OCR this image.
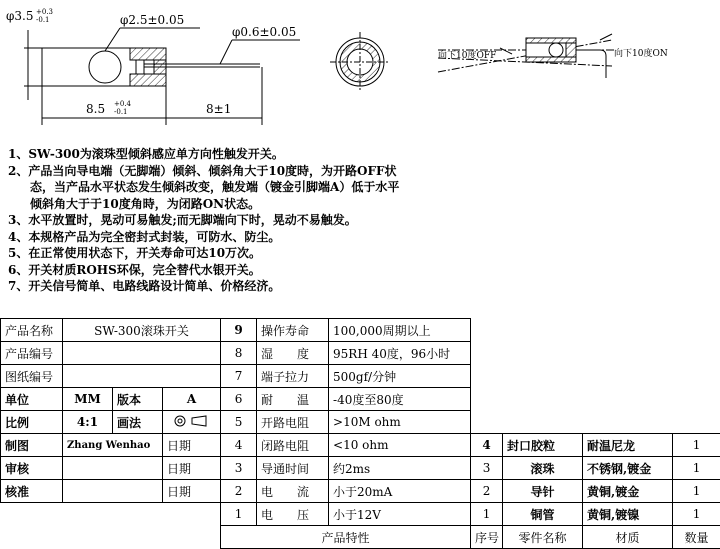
φ3.5 +0.3
-0.1	φ2.5±0.05
φ0.6±0.05
8.5 +0.4
-0.1	8±1
向下10度OFF	向下10度ON
1、SW-300为滚珠型倾斜感应单方向性触发开关。
2、产品当向导电端（无脚端）倾斜、倾斜角大于10度時，为开路OFF状态，当产品水平状态发生倾斜改变，触发端（镀金引脚端A）低于水平倾斜角大于于10度角時，为闭路ON状态。
3、水平放置时，晃动可易触发;而无脚端向下时，晃动不易触发。
4、本规格产品为完全密封式封装，可防水、防尘。
5、在正常使用状态下，开关寿命可达10万次。
6、开关材质ROHS环保，完全替代水银开关。
7、开关信号简单、电路线路设计简单、价格经济。
产品名称	SW-300滚珠开关			9	操作寿命	100,000周期以上				
产品编号				8	湿　　度	95RH 40度，96小时				
图纸编号				7	端子拉力	500gf/分钟				
单位	MM	版本	A	6	耐　　温	-40度至80度				
比例	4:1	画法		5	开路电阻	>10M ohm				
制图	Zhang Wenhao		日期	4	闭路电阻	<10 ohm	4	封口胶粒	耐温尼龙	1
审核			日期	3	导通时间	约2ms	3	滚珠	不锈钢,镀金	1
核准			日期	2	电　　流	小于20mA	2	导针	黄铜,镀金	1
				1	电　　压	小于12V	1	铜管	黄铜,镀镍	1
				产品特性			序号	零件名称	材质	数量
